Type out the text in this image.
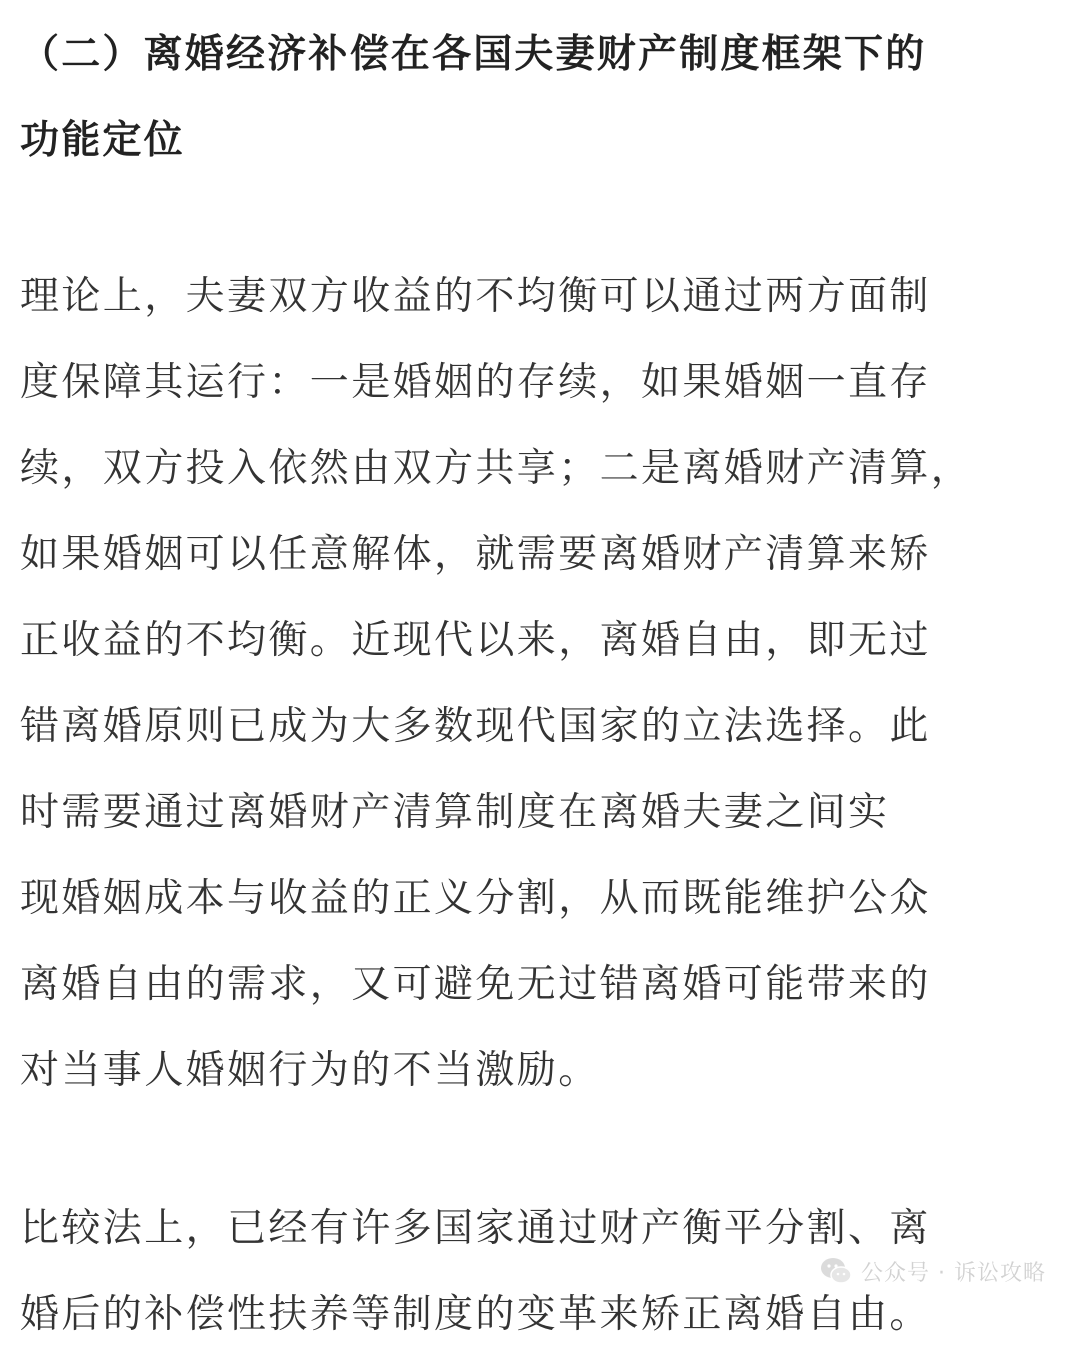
（二）离婚经济补偿在各国夫妻财产制度框架下的
功能定位
理论上，夫妻双方收益的不均衡可以通过两方面制
度保障其运行：一是婚姻的存续，如果婚姻一直存
续，双方投入依然由双方共享；二是离婚财产清算，
如果婚姻可以任意解体，就需要离婚财产清算来矫
正收益的不均衡。近现代以来，离婚自由，即无过
错离婚原则已成为大多数现代国家的立法选择。此
时需要通过离婚财产清算制度在离婚夫妻之间实
现婚姻成本与收益的正义分割，从而既能维护公众
离婚自由的需求，又可避免无过错离婚可能带来的
对当事人婚姻行为的不当激励。
比较法上，已经有许多国家通过财产衡平分割、离
婚后的补偿性扶养等制度的变革来矫正离婚自由。
公众号 · 诉讼攻略
